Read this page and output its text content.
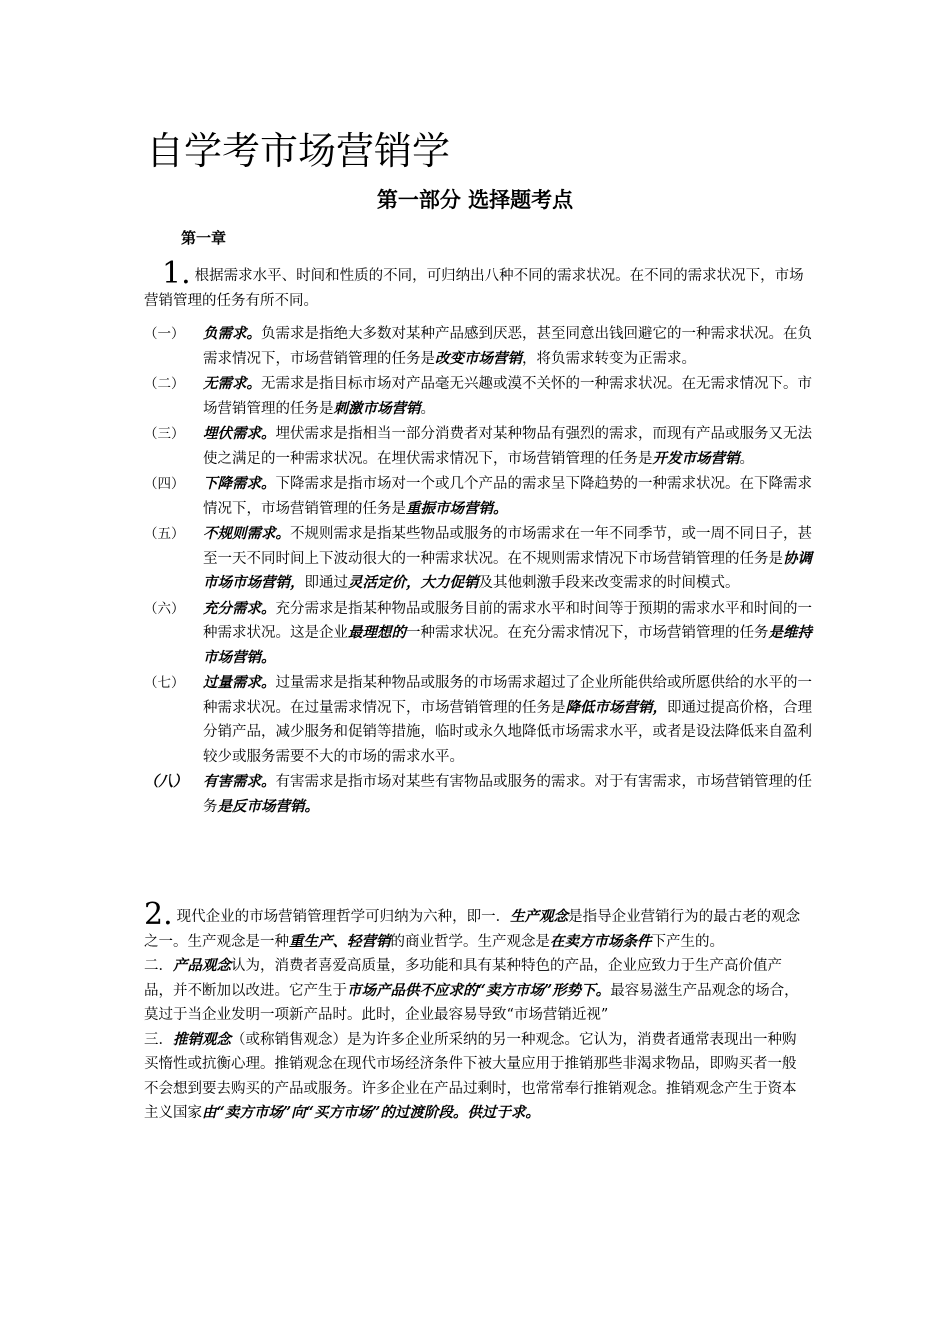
自学考市场营销学
第一部分 选择题考点
第一章
1. 根据需求水平、时间和性质的不同，可归纳出八种不同的需求状况。在不同的需求状况下，市场营销管理的任务有所不同。
（一）	负需求。负需求是指绝大多数对某种产品感到厌恶，甚至同意出钱回避它的一种需求状况。在负需求情况下，市场营销管理的任务是改变市场营销，将负需求转变为正需求。
（二）	无需求。无需求是指目标市场对产品毫无兴趣或漠不关怀的一种需求状况。在无需求情况下。市场营销管理的任务是刺激市场营销。
（三）	埋伏需求。埋伏需求是指相当一部分消费者对某种物品有强烈的需求，而现有产品或服务又无法使之满足的一种需求状况。在埋伏需求情况下，市场营销管理的任务是开发市场营销。
（四）	下降需求。下降需求是指市场对一个或几个产品的需求呈下降趋势的一种需求状况。在下降需求情况下，市场营销管理的任务是重振市场营销。
（五）	不规则需求。不规则需求是指某些物品或服务的市场需求在一年不同季节，或一周不同日子，甚至一天不同时间上下波动很大的一种需求状况。在不规则需求情况下市场营销管理的任务是协调市场市场营销，即通过灵活定价，大力促销及其他刺激手段来改变需求的时间模式。
（六）	充分需求。充分需求是指某种物品或服务目前的需求水平和时间等于预期的需求水平和时间的一种需求状况。这是企业最理想的一种需求状况。在充分需求情况下，市场营销管理的任务是维持市场营销。
（七）	过量需求。过量需求是指某种物品或服务的市场需求超过了企业所能供给或所愿供给的水平的一种需求状况。在过量需求情况下，市场营销管理的任务是降低市场营销，即通过提高价格，合理分销产品，减少服务和促销等措施，临时或永久地降低市场需求水平，或者是设法降低来自盈利较少或服务需要不大的市场的需求水平。
（八）	有害需求。有害需求是指市场对某些有害物品或服务的需求。对于有害需求，市场营销管理的任务是反市场营销。
2. 现代企业的市场营销管理哲学可归纳为六种，即一．生产观念是指导企业营销行为的最古老的观念之一。生产观念是一种重生产、轻营销的商业哲学。生产观念是在卖方市场条件下产生的。
二．产品观念认为，消费者喜爱高质量，多功能和具有某种特色的产品，企业应致力于生产高价值产品，并不断加以改进。它产生于市场产品供不应求的“卖方市场”形势下。最容易滋生产品观念的场合，莫过于当企业发明一项新产品时。此时，企业最容易导致“市场营销近视”
三．推销观念（或称销售观念）是为许多企业所采纳的另一种观念。它认为，消费者通常表现出一种购买惰性或抗衡心理。推销观念在现代市场经济条件下被大量应用于推销那些非渴求物品，即购买者一般不会想到要去购买的产品或服务。许多企业在产品过剩时，也常常奉行推销观念。推销观念产生于资本主义国家由“卖方市场”向“买方市场”的过渡阶段。供过于求。
